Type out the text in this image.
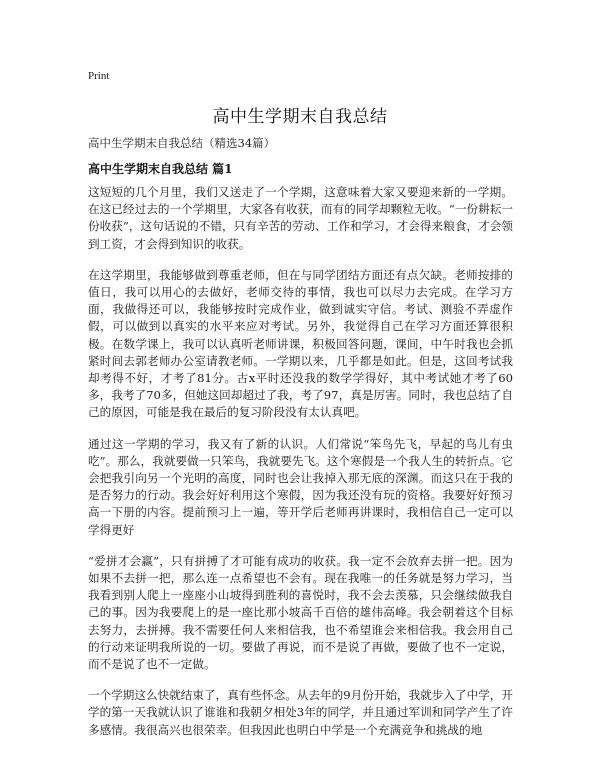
Print
高中生学期末自我总结
高中生学期末自我总结（精选34篇）
高中生学期末自我总结 篇1

这短短的几个月里，我们又送走了一个学期，这意味着大家又要迎来新的一学期。在这已经过去的一个学期里，大家各有收获，而有的同学却颗粒无收。“一份耕耘一份收获”，这句话说的不错，只有辛苦的劳动、工作和学习，才会得来粮食，才会领到工资，才会得到知识的收获。

在这学期里，我能够做到尊重老师，但在与同学团结方面还有点欠缺。老师按排的值日，我可以用心的去做好，老师交待的事情，我也可以尽力去完成。在学习方面，我做得还可以，我能够按时完成作业，做到诚实守信。考试、测验不弄虚作假，可以做到以真实的水平来应对考试。另外，我觉得自己在学习方面还算很积极。在数学课上，我可以认真听老师讲课，积极回答问题，课间，中午时我也会抓紧时间去郭老师办公室请教老师。一学期以来，几乎都是如此。但是，这回考试我却考得不好，才考了81分。古x平时还没我的数学学得好，其中考试她才考了60多，我考了70多，但她这回却超过了我，考了97，真是厉害。同时，我也总结了自己的原因，可能是我在最后的复习阶段没有太认真吧。

通过这一学期的学习，我又有了新的认识。人们常说“笨鸟先飞，早起的鸟儿有虫吃”。那么，我就要做一只笨鸟，我就要先飞。这个寒假是一个我人生的转折点。它会把我引向另一个光明的高度，同时也会让我掉入那无底的深渊。而这只在于我的是否努力的行动。我会好好利用这个寒假，因为我还没有玩的资格。我要好好预习高一下册的内容。提前预习上一遍，等开学后老师再讲课时，我相信自己一定可以学得更好

“爱拼才会赢”，只有拼搏了才可能有成功的收获。我一定不会放弃去拼一把。因为如果不去拼一把，那么连一点希望也不会有。现在我唯一的任务就是努力学习，当我看到别人爬上一座座小山坡得到胜利的喜悦时，我不会去羡慕，只会继续做我自己的事。因为我要爬上的是一座比那小坡高千百倍的雄伟高峰。我会朝着这个目标去努力，去拼搏。我不需要任何人来相信我，也不希望谁会来相信我。我会用自己的行动来证明我所说的一切。要做了再说，而不是说了再做，要做了也不一定说，而不是说了也不一定做。

一个学期这么快就结束了，真有些怀念。从去年的9月份开始，我就步入了中学，开学的第一天我就认识了谁谁和我朝夕相处3年的同学，并且通过军训和同学产生了许多感情。我很高兴也很荣幸。但我因此也明白中学是一个充满竞争和挑战的地
